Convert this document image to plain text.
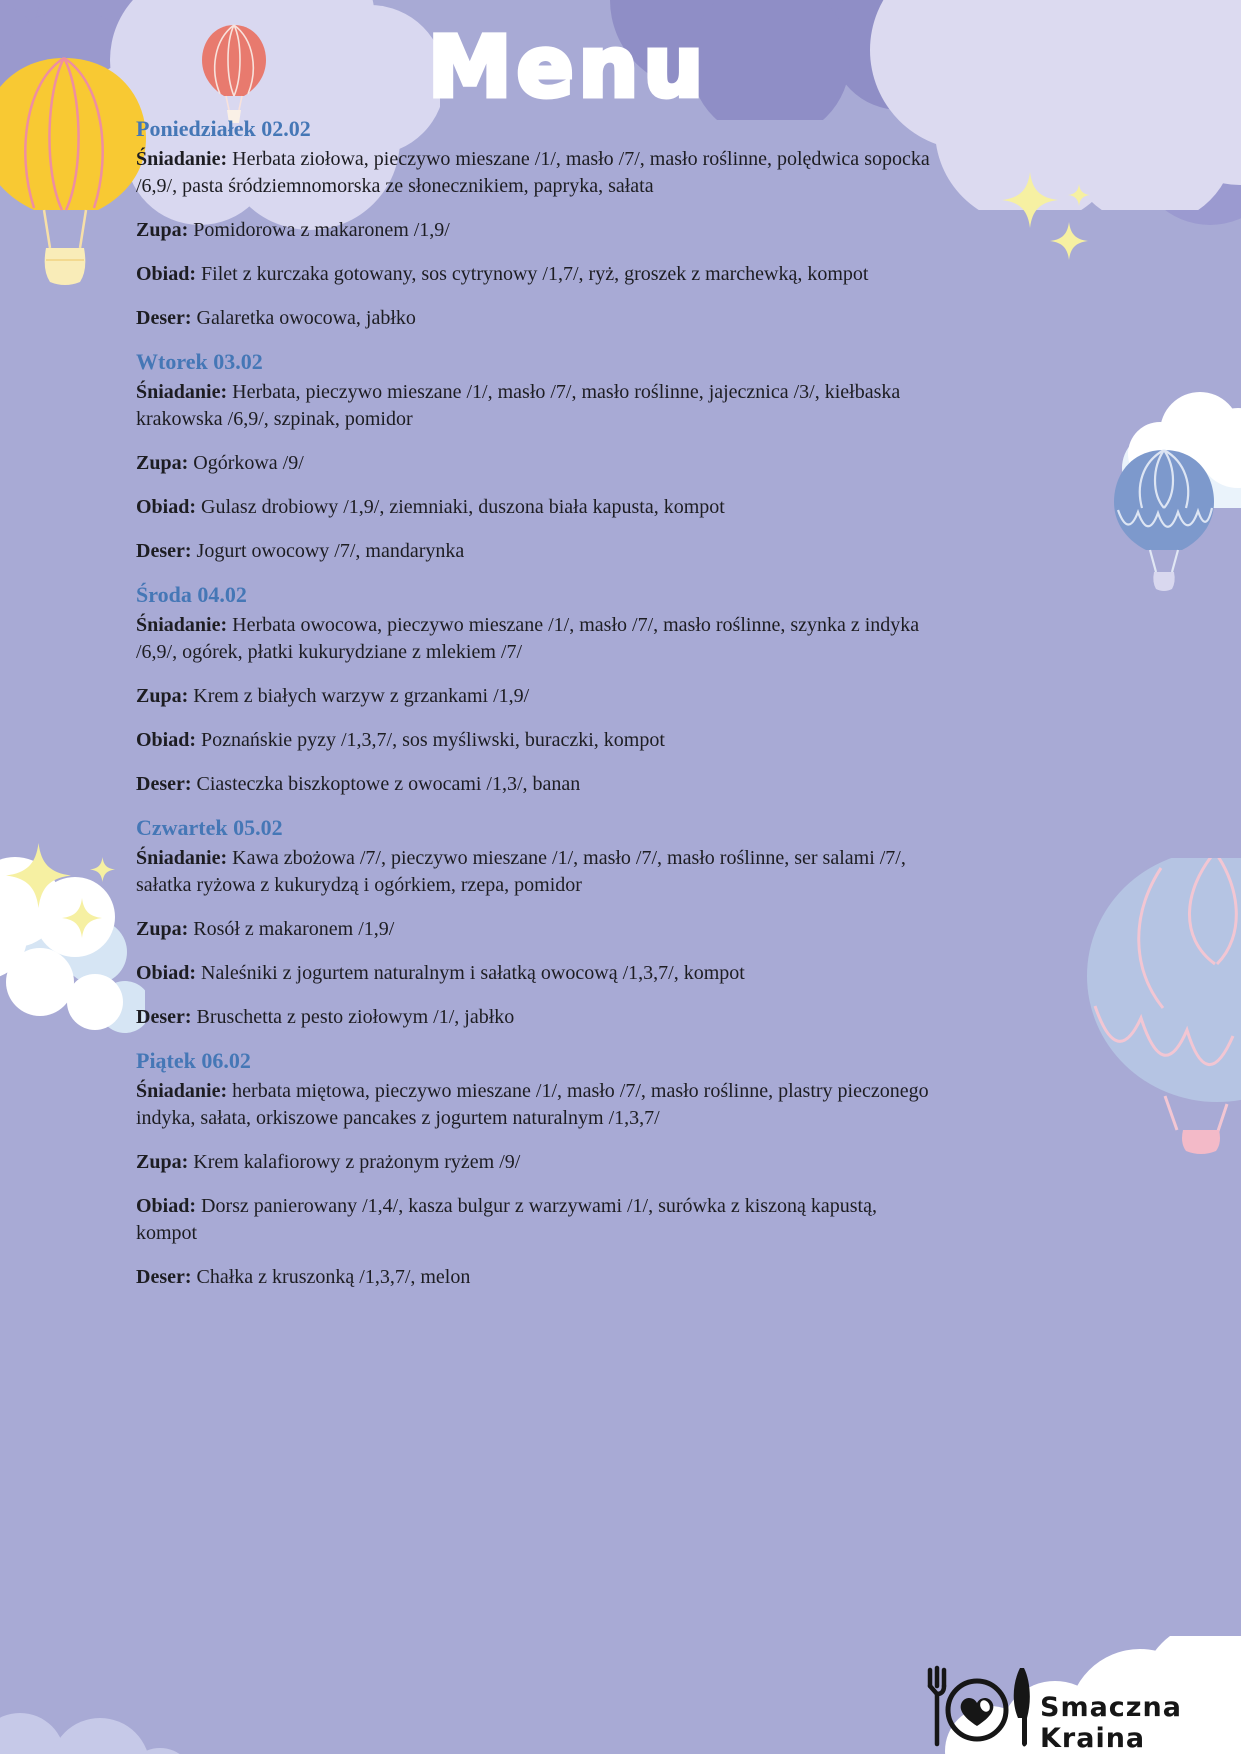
Menu
Poniedziałek 02.02

Śniadanie: Herbata ziołowa, pieczywo mieszane /1/, masło /7/, masło roślinne, polędwica sopocka /6,9/, pasta śródziemnomorska ze słonecznikiem, papryka, sałata

Zupa: Pomidorowa z makaronem /1,9/

Obiad: Filet z kurczaka gotowany, sos cytrynowy /1,7/, ryż, groszek z marchewką, kompot

Deser: Galaretka owocowa, jabłko

Wtorek 03.02

Śniadanie: Herbata, pieczywo mieszane /1/, masło /7/, masło roślinne, jajecznica /3/, kiełbaska krakowska /6,9/, szpinak, pomidor

Zupa: Ogórkowa /9/

Obiad: Gulasz drobiowy /1,9/, ziemniaki, duszona biała kapusta, kompot

Deser: Jogurt owocowy /7/, mandarynka

Środa 04.02

Śniadanie: Herbata owocowa, pieczywo mieszane /1/, masło /7/, masło roślinne, szynka z indyka /6,9/, ogórek, płatki kukurydziane z mlekiem /7/

Zupa: Krem z białych warzyw z grzankami /1,9/

Obiad: Poznańskie pyzy /1,3,7/, sos myśliwski, buraczki, kompot

Deser: Ciasteczka biszkoptowe z owocami /1,3/, banan

Czwartek 05.02

Śniadanie: Kawa zbożowa /7/, pieczywo mieszane /1/, masło /7/, masło roślinne, ser salami /7/, sałatka ryżowa z kukurydzą i ogórkiem, rzepa, pomidor

Zupa: Rosół z makaronem /1,9/

Obiad: Naleśniki z jogurtem naturalnym i sałatką owocową /1,3,7/, kompot

Deser: Bruschetta z pesto ziołowym /1/, jabłko

Piątek 06.02

Śniadanie: herbata miętowa, pieczywo mieszane /1/, masło /7/, masło roślinne, plastry pieczonego indyka, sałata, orkiszowe pancakes z jogurtem naturalnym /1,3,7/

Zupa: Krem kalafiorowy z prażonym ryżem /9/

Obiad: Dorsz panierowany /1,4/, kasza bulgur z warzywami /1/, surówka z kiszoną kapustą, kompot

Deser: Chałka z kruszonką /1,3,7/, melon

Smaczna Kraina
